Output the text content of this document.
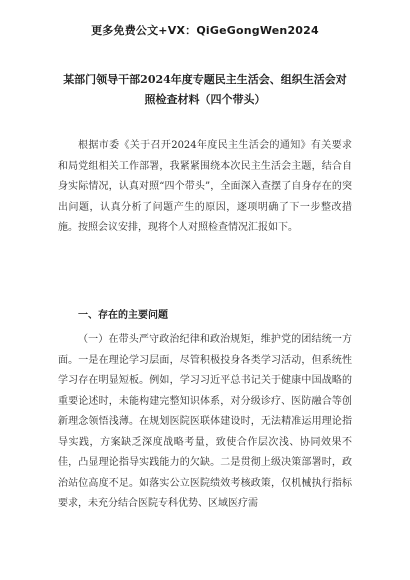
更多免费公文+VX：QiGeGongWen2024
某部门领导干部2024年度专题民主生活会、组织生活会对照检查材料（四个带头）

根据市委《关于召开2024年度民主生活会的通知》有关要求和局党组相关工作部署，我紧紧围绕本次民主生活会主题，结合自身实际情况，认真对照“四个带头”，全面深入查摆了自身存在的突出问题，认真分析了问题产生的原因，逐项明确了下一步整改措施。按照会议安排，现将个人对照检查情况汇报如下。

一、存在的主要问题

（一）在带头严守政治纪律和政治规矩，维护党的团结统一方面。一是在理论学习层面，尽管积极投身各类学习活动，但系统性学习存在明显短板。例如，学习习近平总书记关于健康中国战略的重要论述时，未能构建完整知识体系，对分级诊疗、医防融合等创新理念领悟浅薄。在规划医院医联体建设时，无法精准运用理论指导实践，方案缺乏深度战略考量，致使合作层次浅、协同效果不佳，凸显理论指导实践能力的欠缺。二是贯彻上级决策部署时，政治站位高度不足。如落实公立医院绩效考核政策，仅机械执行指标要求，未充分结合医院专科优势、区域医疗需
